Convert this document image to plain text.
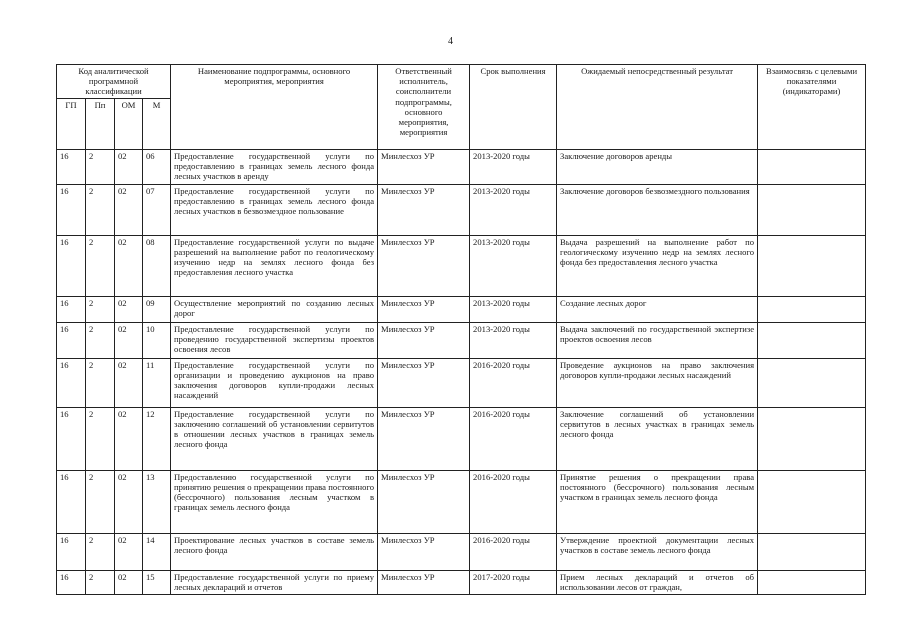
4
Код аналитической программной классификации				Наименование подпрограммы, основного мероприятия, мероприятия	Ответственный исполнитель, соисполнители подпрограммы, основного мероприятия, мероприятия	Срок выполнения	Ожидаемый непосредственный результат	Взаимосвязь с целевыми показателями (индикаторами)
ГП	Пп	ОМ	М					
16	2	02	06	Предоставление государственной услуги по предоставлению в границах земель лесного фонда лесных участков в аренду	Минлесхоз УР	2013-2020 годы	Заключение договоров аренды	
16	2	02	07	Предоставление государственной услуги по предоставлению в границах земель лесного фонда лесных участков в безвозмездное пользование	Минлесхоз УР	2013-2020 годы	Заключение договоров безвозмездного пользования	
16	2	02	08	Предоставление государственной услуги по выдаче разрешений на выполнение работ по геологическому изучению недр на землях лесного фонда без предоставления лесного участка	Минлесхоз УР	2013-2020 годы	Выдача разрешений на выполнение работ по геологическому изучению недр на землях лесного фонда без предоставления лесного участка	
16	2	02	09	Осуществление мероприятий по созданию лесных дорог	Минлесхоз УР	2013-2020 годы	Создание лесных дорог	
16	2	02	10	Предоставление государственной услуги по проведению государственной экспертизы проектов освоения лесов	Минлесхоз УР	2013-2020 годы	Выдача заключений по государственной экспертизе проектов освоения лесов	
16	2	02	11	Предоставление государственной услуги по организации и проведению аукционов на право заключения договоров купли-продажи лесных насаждений	Минлесхоз УР	2016-2020 годы	Проведение аукционов на право заключения договоров купли-продажи лесных насаждений	
16	2	02	12	Предоставление государственной услуги по заключению соглашений об установлении сервитутов в отношении лесных участков в границах земель лесного фонда	Минлесхоз УР	2016-2020 годы	Заключение соглашений об установлении сервитутов в лесных участках в границах земель лесного фонда	
16	2	02	13	Предоставлению государственной услуги по принятию решения о прекращении права постоянного (бессрочного) пользования лесным участком в границах земель лесного фонда	Минлесхоз УР	2016-2020 годы	Принятие решения о прекращении права постоянного (бессрочного) пользования лесным участком в границах земель лесного фонда	
16	2	02	14	Проектирование лесных участков в составе земель лесного фонда	Минлесхоз УР	2016-2020 годы	Утверждение проектной документации лесных участков в составе земель лесного фонда	
16	2	02	15	Предоставление государственной услуги по приему лесных деклараций и отчетов	Минлесхоз УР	2017-2020 годы	Прием лесных деклараций и отчетов об использовании лесов от граждан,	
